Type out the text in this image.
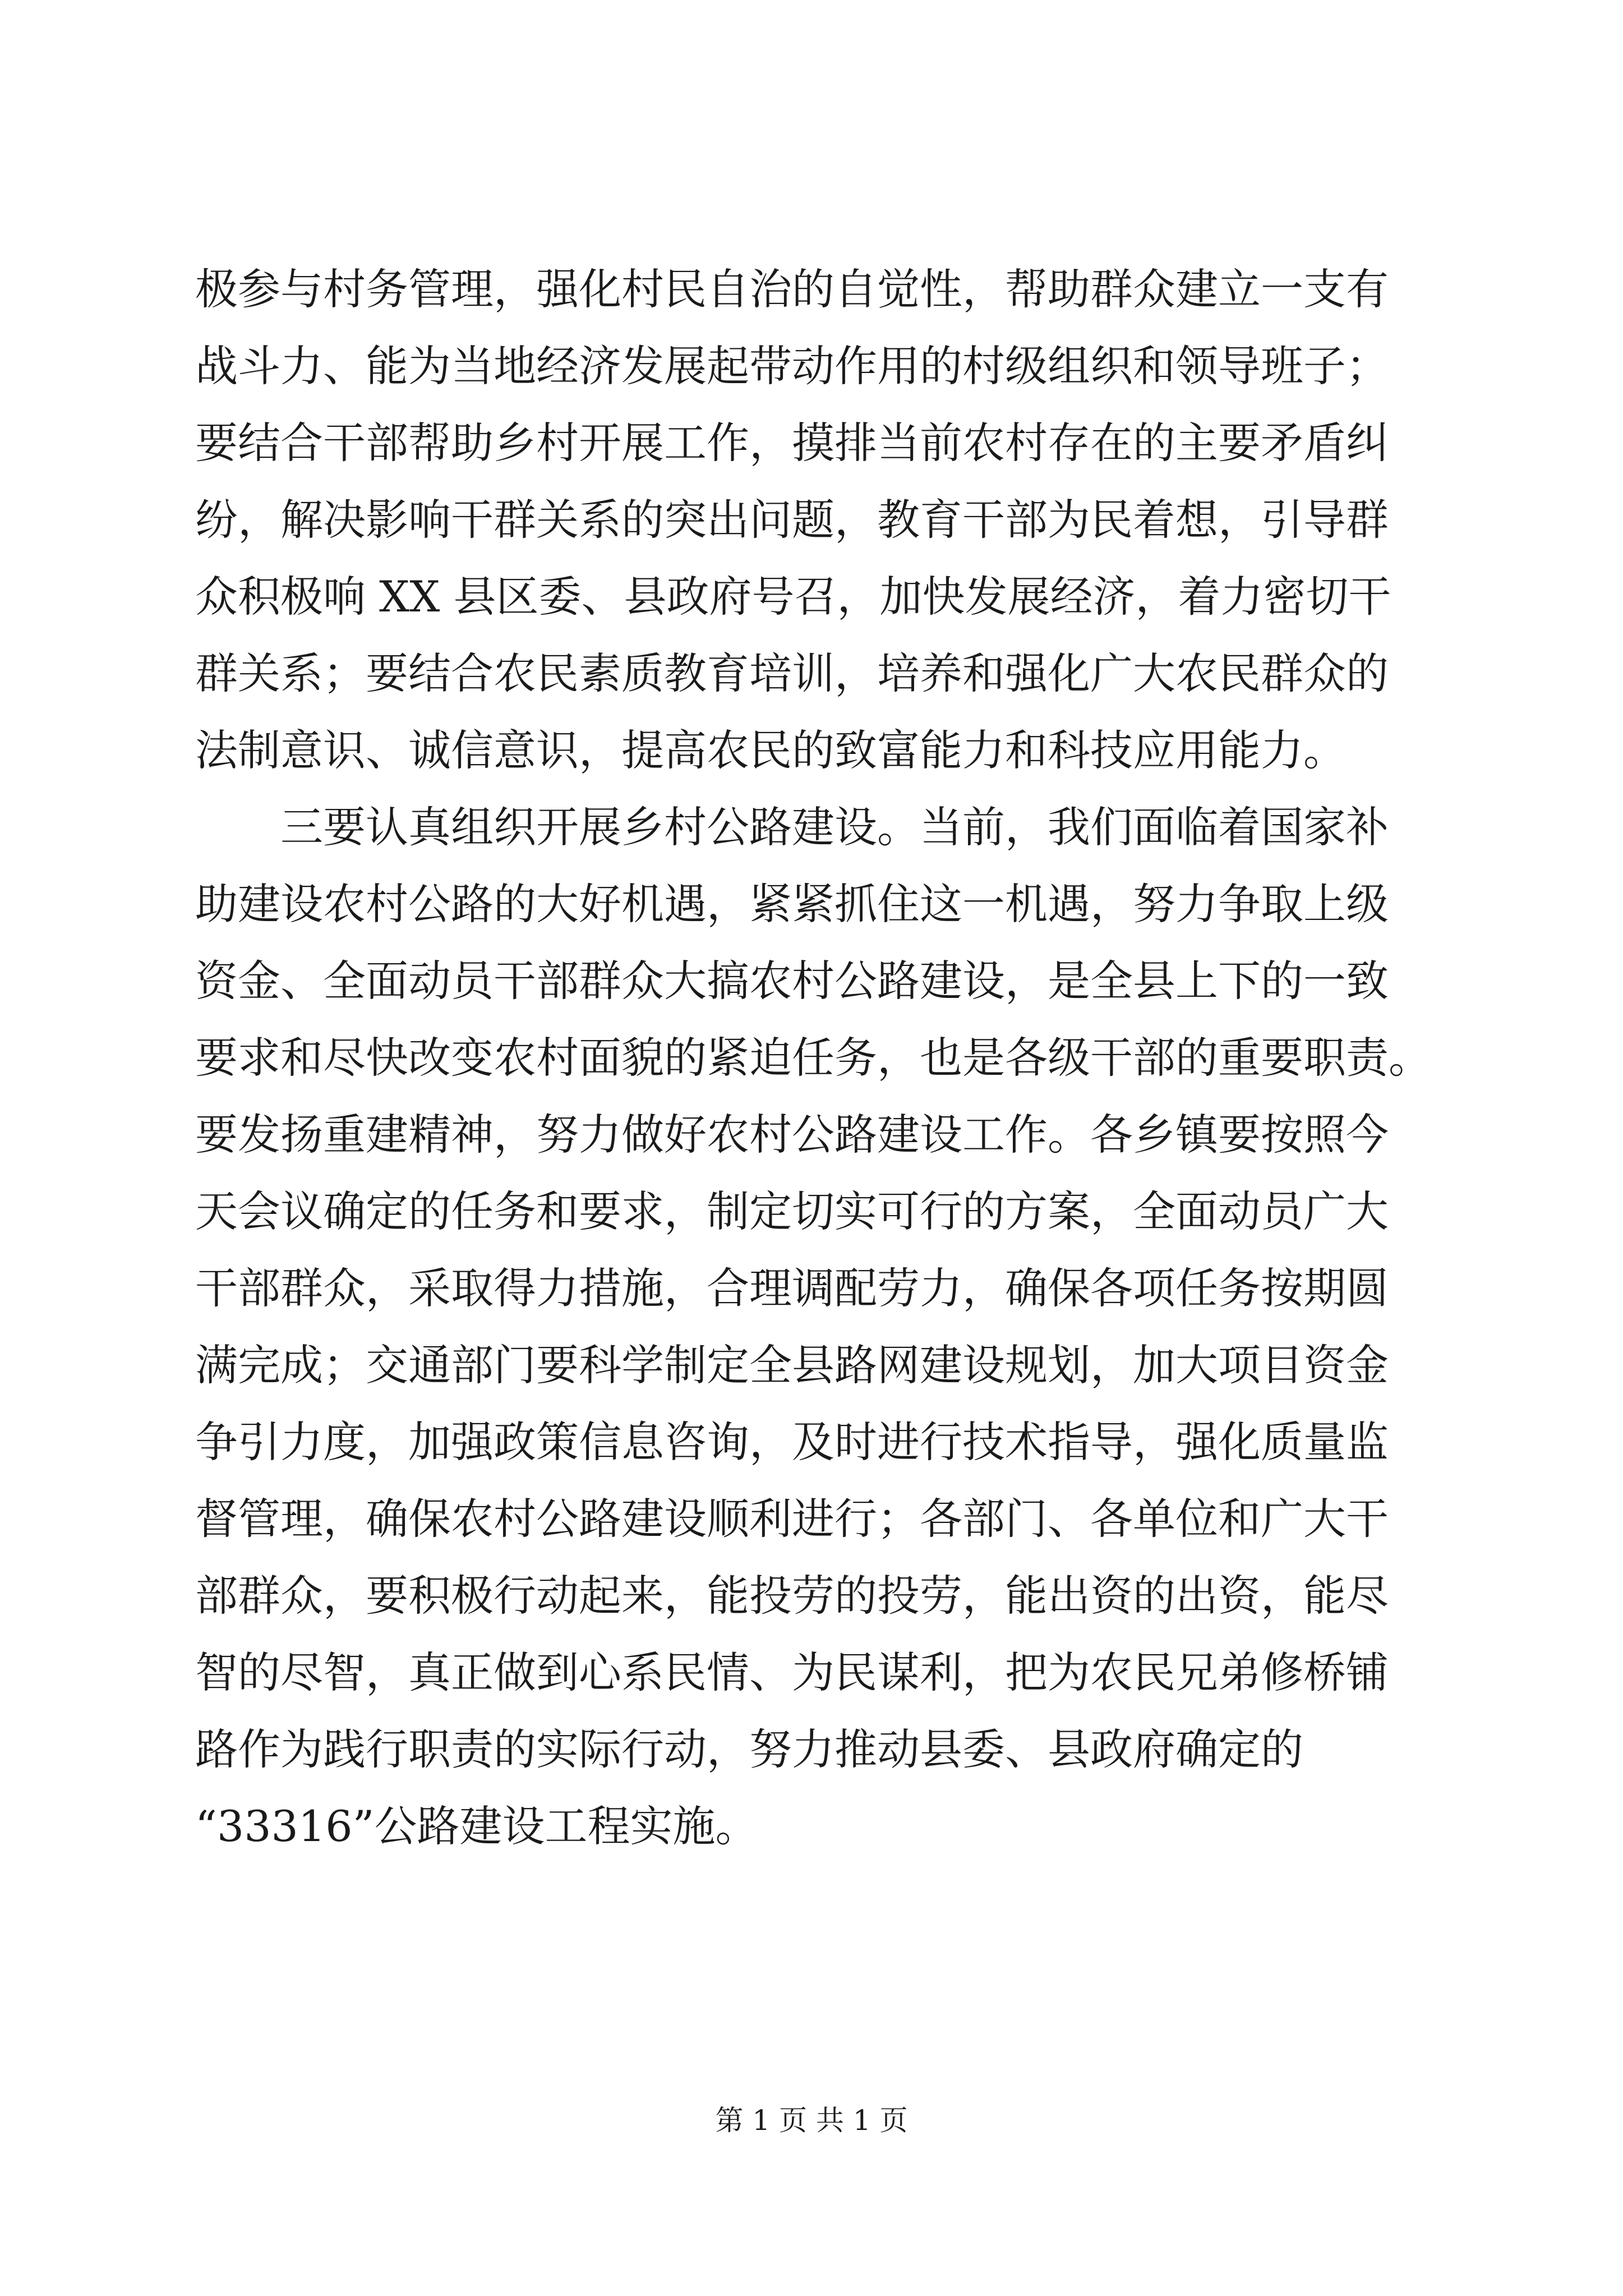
极参与村务管理，强化村民自治的自觉性，帮助群众建立一支有
战斗力、能为当地经济发展起带动作用的村级组织和领导班子；
要结合干部帮助乡村开展工作，摸排当前农村存在的主要矛盾纠
纷，解决影响干群关系的突出问题，教育干部为民着想，引导群
众积极响 XX 县区委、县政府号召，加快发展经济，着力密切干
群关系；要结合农民素质教育培训，培养和强化广大农民群众的
法制意识、诚信意识，提高农民的致富能力和科技应用能力。
三要认真组织开展乡村公路建设。当前，我们面临着国家补
助建设农村公路的大好机遇，紧紧抓住这一机遇，努力争取上级
资金、全面动员干部群众大搞农村公路建设，是全县上下的一致
要求和尽快改变农村面貌的紧迫任务，也是各级干部的重要职责。
要发扬重建精神，努力做好农村公路建设工作。各乡镇要按照今
天会议确定的任务和要求，制定切实可行的方案，全面动员广大
干部群众，采取得力措施，合理调配劳力，确保各项任务按期圆
满完成；交通部门要科学制定全县路网建设规划，加大项目资金
争引力度，加强政策信息咨询，及时进行技术指导，强化质量监
督管理，确保农村公路建设顺利进行；各部门、各单位和广大干
部群众，要积极行动起来，能投劳的投劳，能出资的出资，能尽
智的尽智，真正做到心系民情、为民谋利，把为农民兄弟修桥铺
路作为践行职责的实际行动，努力推动县委、县政府确定的
“33316”公路建设工程实施。
第 1 页 共 1 页
